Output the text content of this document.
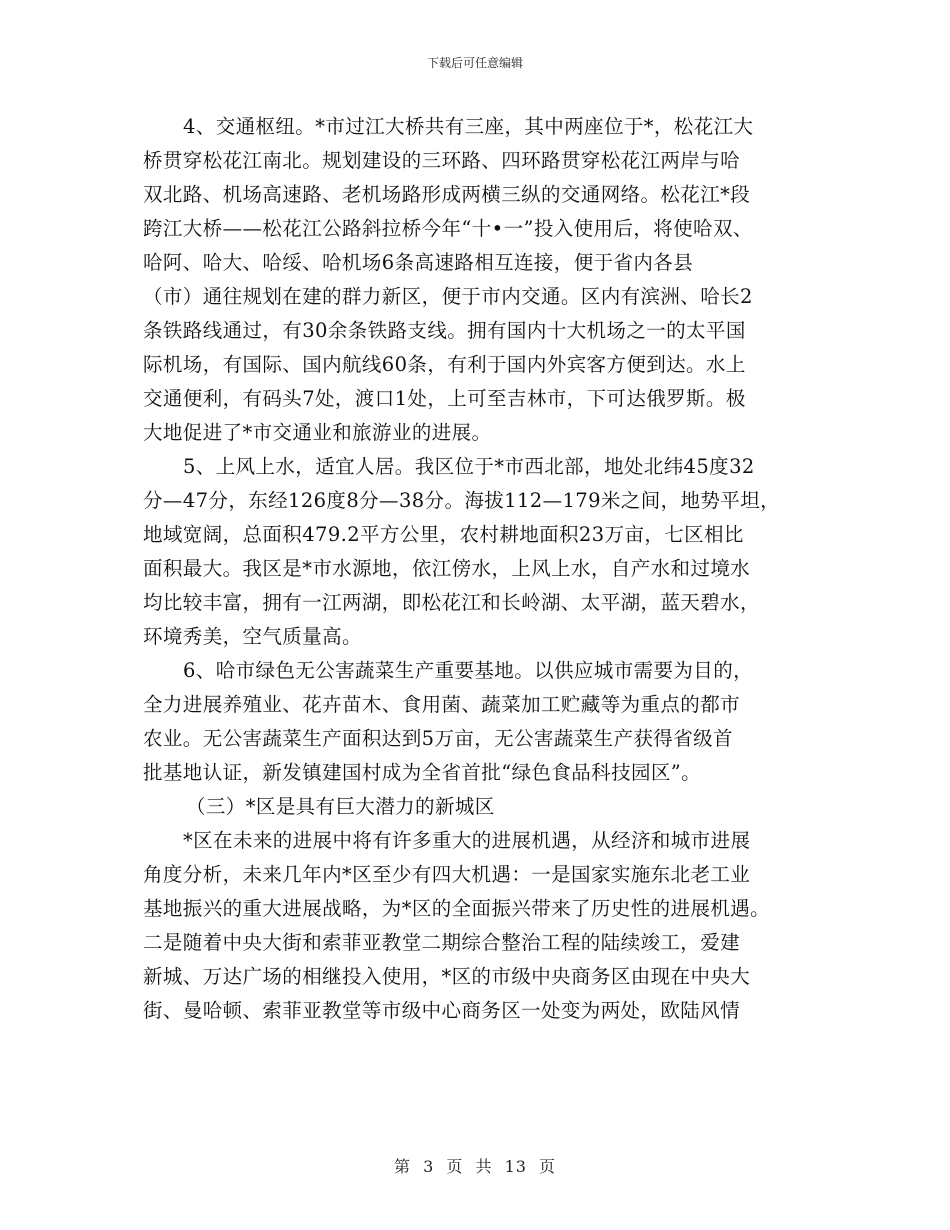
下载后可任意编辑
4、交通枢纽。*市过江大桥共有三座，其中两座位于*，松花江大
桥贯穿松花江南北。规划建设的三环路、四环路贯穿松花江两岸与哈
双北路、机场高速路、老机场路形成两横三纵的交通网络。松花江*段
跨江大桥——松花江公路斜拉桥今年“十•一”投入使用后，将使哈双、
哈阿、哈大、哈绥、哈机场6条高速路相互连接，便于省内各县
（市）通往规划在建的群力新区，便于市内交通。区内有滨洲、哈长2
条铁路线通过，有30余条铁路支线。拥有国内十大机场之一的太平国
际机场，有国际、国内航线60条，有利于国内外宾客方便到达。水上
交通便利，有码头7处，渡口1处，上可至吉林市，下可达俄罗斯。极
大地促进了*市交通业和旅游业的进展。
5、上风上水，适宜人居。我区位于*市西北部，地处北纬45度32
分—47分，东经126度8分—38分。海拔112—179米之间，地势平坦，
地域宽阔，总面积479.2平方公里，农村耕地面积23万亩，七区相比
面积最大。我区是*市水源地，依江傍水，上风上水，自产水和过境水
均比较丰富，拥有一江两湖，即松花江和长岭湖、太平湖，蓝天碧水，
环境秀美，空气质量高。
6、哈市绿色无公害蔬菜生产重要基地。以供应城市需要为目的，
全力进展养殖业、花卉苗木、食用菌、蔬菜加工贮藏等为重点的都市
农业。无公害蔬菜生产面积达到5万亩，无公害蔬菜生产获得省级首
批基地认证，新发镇建国村成为全省首批“绿色食品科技园区”。
（三）*区是具有巨大潜力的新城区
*区在未来的进展中将有许多重大的进展机遇，从经济和城市进展
角度分析，未来几年内*区至少有四大机遇：一是国家实施东北老工业
基地振兴的重大进展战略，为*区的全面振兴带来了历史性的进展机遇。
二是随着中央大街和索菲亚教堂二期综合整治工程的陆续竣工，爱建
新城、万达广场的相继投入使用，*区的市级中央商务区由现在中央大
街、曼哈顿、索菲亚教堂等市级中心商务区一处变为两处，欧陆风情
第 3 页 共 13 页
